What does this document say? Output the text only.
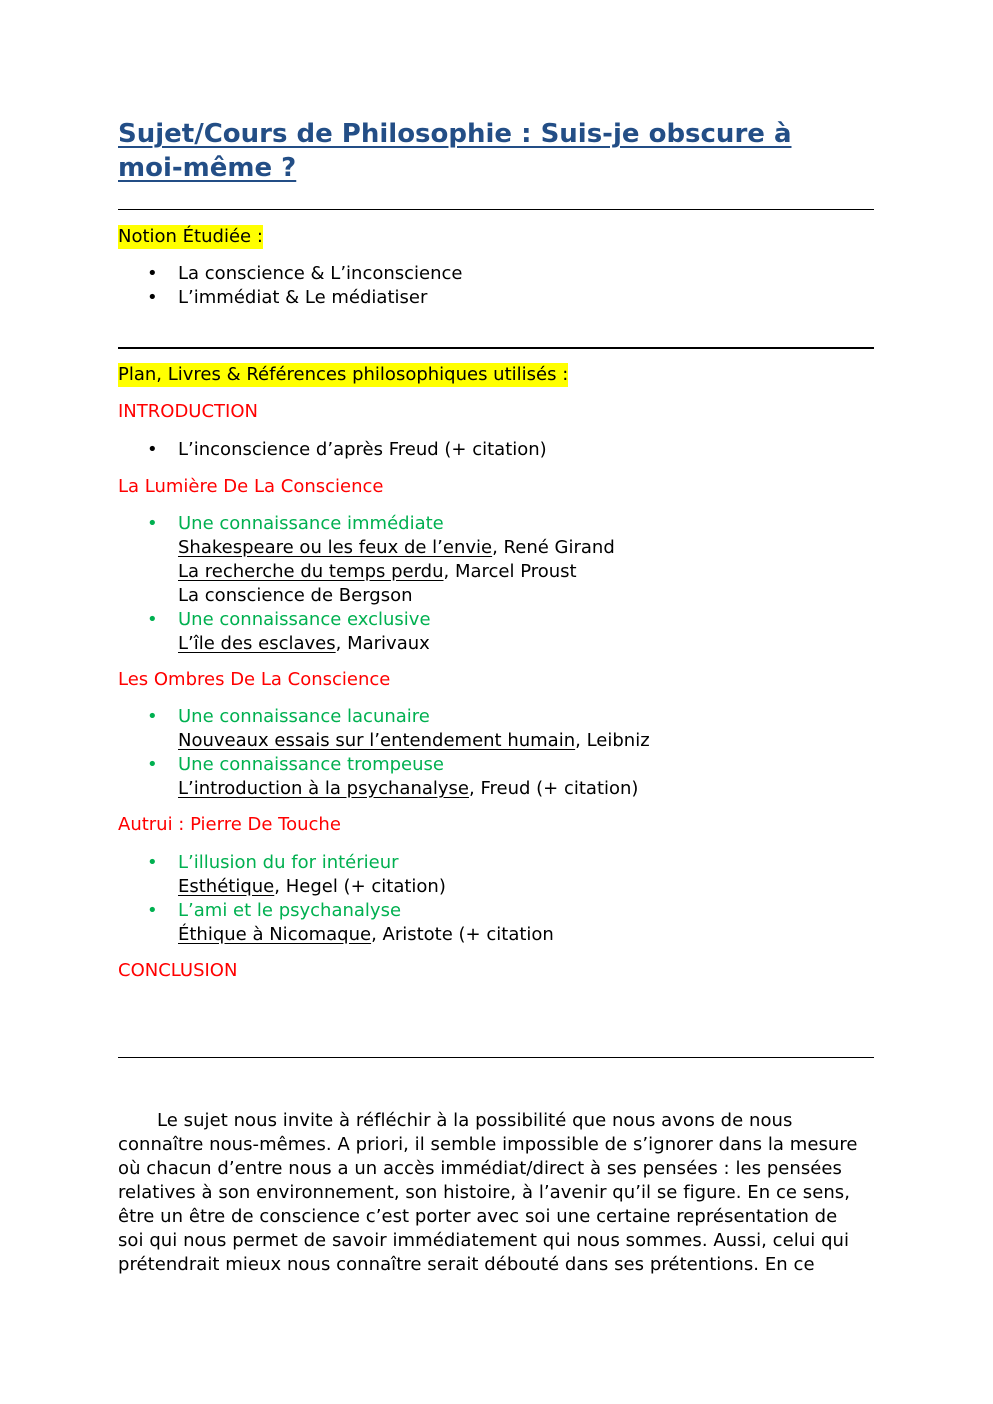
Sujet/Cours de Philosophie : Suis-je obscure à moi-même ?
Notion Étudiée :
• La conscience & L’inconscience
• L’immédiat & Le médiatiser
Plan, Livres & Références philosophiques utilisés :
INTRODUCTION
• L’inconscience d’après Freud (+ citation)
La Lumière De La Conscience
• Une connaissance immédiate
Shakespeare ou les feux de l’envie, René Girand
La recherche du temps perdu, Marcel Proust
La conscience de Bergson
• Une connaissance exclusive
L’île des esclaves, Marivaux
Les Ombres De La Conscience
• Une connaissance lacunaire
Nouveaux essais sur l’entendement humain, Leibniz
• Une connaissance trompeuse
L’introduction à la psychanalyse, Freud (+ citation)
Autrui : Pierre De Touche
• L’illusion du for intérieur
Esthétique, Hegel (+ citation)
• L’ami et le psychanalyse
Éthique à Nicomaque, Aristote (+ citation
CONCLUSION
Le sujet nous invite à réfléchir à la possibilité que nous avons de nous
connaître nous-mêmes. A priori, il semble impossible de s’ignorer dans la mesure
où chacun d’entre nous a un accès immédiat/direct à ses pensées : les pensées
relatives à son environnement, son histoire, à l’avenir qu’il se figure. En ce sens,
être un être de conscience c’est porter avec soi une certaine représentation de
soi qui nous permet de savoir immédiatement qui nous sommes. Aussi, celui qui
prétendrait mieux nous connaître serait débouté dans ses prétentions. En ce
